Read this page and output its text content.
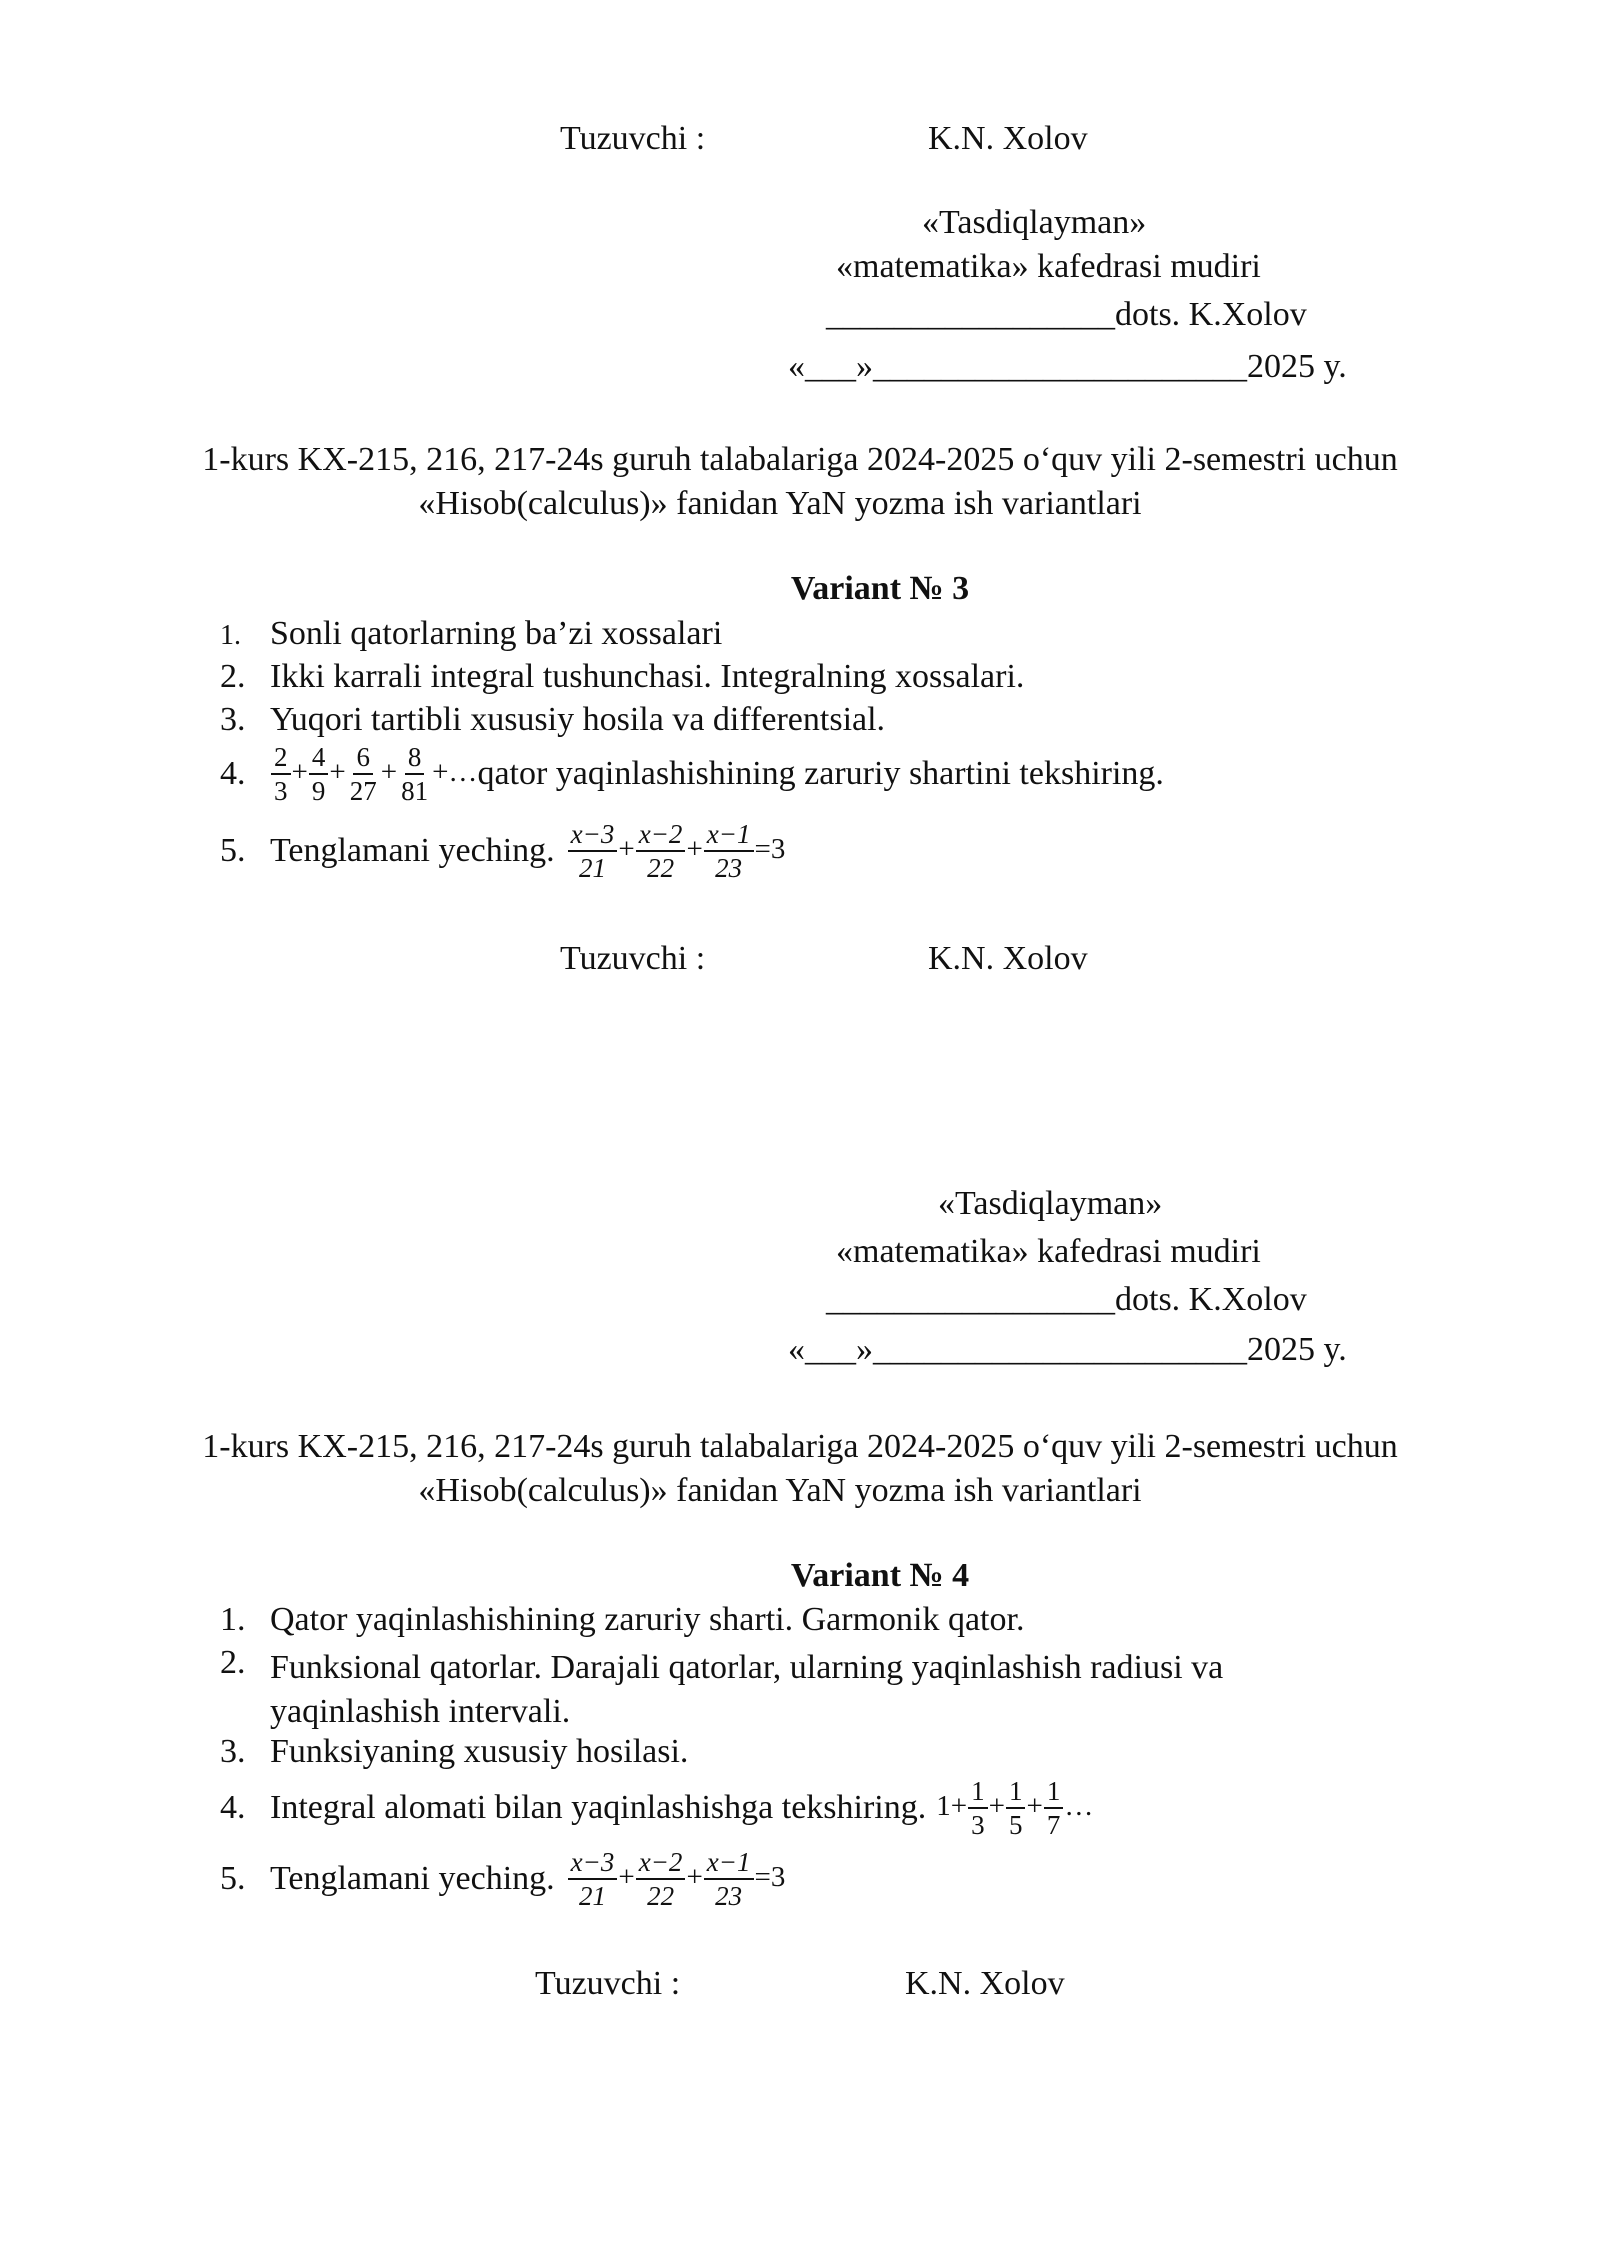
Tuzuvchi :	K.N. Xolov
«Tasdiqlayman»
«matematika» kafedrasi mudiri
_________________dots. K.Xolov
«___»______________________2025 y.
1-kurs KX-215, 216, 217-24s guruh talabalariga 2024-2025 o‘quv yili 2-semestri uchun
«Hisob(calculus)» fanidan YaN yozma ish variantlari
Variant № 3
1. Sonli qatorlarning ba’zi xossalari
2. Ikki karrali integral tushunchasi. Integralning xossalari.
3. Yuqori tartibli xususiy hosila va differentsial.
4. $\frac{2}{3} + \frac{4}{9} + \frac{6}{27} + \frac{8}{81}$ +… qator yaqinlashishining zaruriy shartini tekshiring.
5. Tenglamani yeching. $\frac{x-3}{21} + \frac{x-2}{22} + \frac{x-1}{23} =3$
Tuzuvchi :	K.N. Xolov
«Tasdiqlayman»
«matematika» kafedrasi mudiri
_________________dots. K.Xolov
«___»______________________2025 y.
1-kurs KX-215, 216, 217-24s guruh talabalariga 2024-2025 o‘quv yili 2-semestri uchun
«Hisob(calculus)» fanidan YaN yozma ish variantlari
Variant № 4
1. Qator yaqinlashishining zaruriy sharti. Garmonik qator.
2. Funksional qatorlar. Darajali qatorlar, ularning yaqinlashish radiusi va
yaqinlashish intervali.
3. Funksiyaning xususiy hosilasi.
4. Integral alomati bilan yaqinlashishga tekshiring. $1+ \frac{1}{3} + \frac{1}{5} + \frac{1}{7}$ …
5. Tenglamani yeching. $\frac{x-3}{21} + \frac{x-2}{22} + \frac{x-1}{23} =3$
Tuzuvchi :	K.N. Xolov
